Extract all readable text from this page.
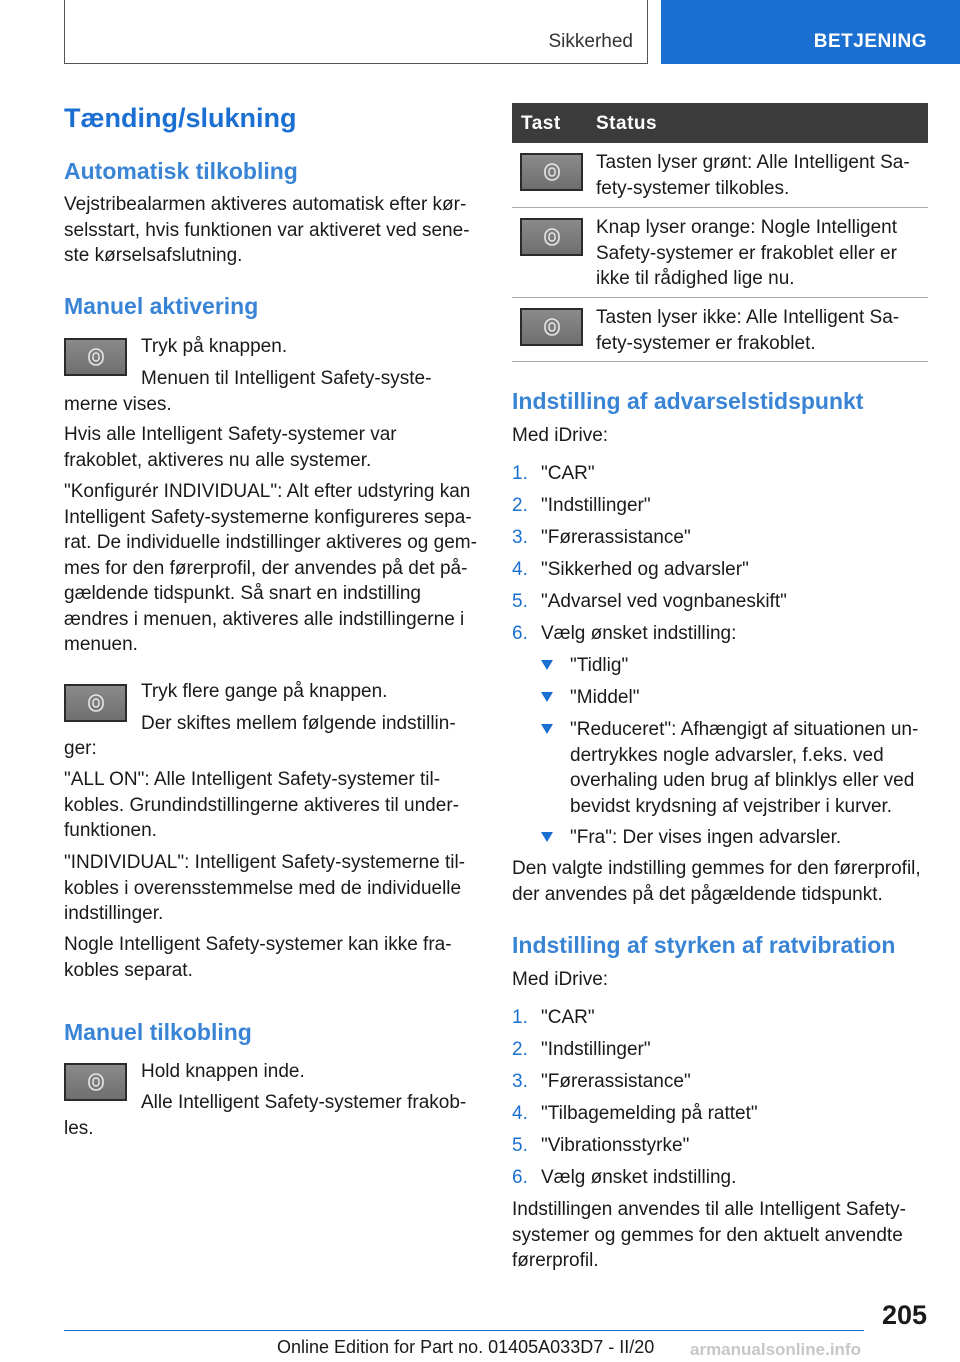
Sikkerhed	BETJENING
Tænding/slukning
Automatisk tilkobling
Vejstribealarmen aktiveres automatisk efter kør-selsstart, hvis funktionen var aktiveret ved sene-ste kørselsafslutning.
Manuel aktivering
Tryk på knappen.
Menuen til Intelligent Safety-syste-
merne vises.
Hvis alle Intelligent Safety-systemer var frakoblet, aktiveres nu alle systemer.
"Konfigurér INDIVIDUAL": Alt efter udstyring kan Intelligent Safety-systemerne konfigureres sepa-rat. De individuelle indstillinger aktiveres og gem-mes for den førerprofil, der anvendes på det på-gældende tidspunkt. Så snart en indstilling ændres i menuen, aktiveres alle indstillingerne i menuen.
Tryk flere gange på knappen.
Der skiftes mellem følgende indstillin-
ger:
"ALL ON": Alle Intelligent Safety-systemer til-kobles. Grundindstillingerne aktiveres til under-funktionen.
"INDIVIDUAL": Intelligent Safety-systemerne til-kobles i overensstemmelse med de individuelle indstillinger.
Nogle Intelligent Safety-systemer kan ikke fra-kobles separat.
Manuel tilkobling
Hold knappen inde.
Alle Intelligent Safety-systemer frakob-
les.
Tast Status
Tasten lyser grønt: Alle Intelligent Sa-fety-systemer tilkobles.
Knap lyser orange: Nogle Intelligent Safety-systemer er frakoblet eller er ikke til rådighed lige nu.
Tasten lyser ikke: Alle Intelligent Sa-fety-systemer er frakoblet.
Indstilling af advarselstidspunkt
Med iDrive:
1. "CAR"
2. "Indstillinger"
3. "Førerassistance"
4. "Sikkerhed og advarsler"
5. "Advarsel ved vognbaneskift"
6. Vælg ønsket indstilling:
"Tidlig"
"Middel"
"Reduceret": Afhængigt af situationen un-dertrykkes nogle advarsler, f.eks. ved overhaling uden brug af blinklys eller ved bevidst krydsning af vejstriber i kurver.
"Fra": Der vises ingen advarsler.
Den valgte indstilling gemmes for den førerprofil, der anvendes på det pågældende tidspunkt.
Indstilling af styrken af ratvibration
Med iDrive:
1. "CAR"
2. "Indstillinger"
3. "Førerassistance"
4. "Tilbagemelding på rattet"
5. "Vibrationsstyrke"
6. Vælg ønsket indstilling.
Indstillingen anvendes til alle Intelligent Safety-systemer og gemmes for den aktuelt anvendte førerprofil.
205
Online Edition for Part no. 01405A033D7 - II/20 armanualsonline.info
